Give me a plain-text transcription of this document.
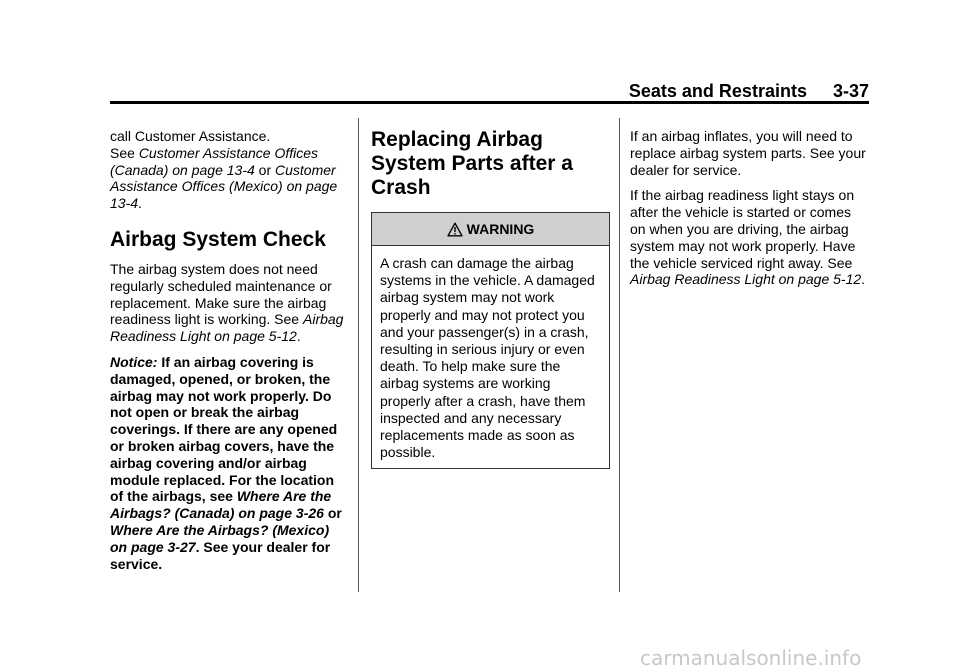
Seats and Restraints 3-37

call Customer Assistance.
See Customer Assistance Offices (Canada) on page 13-4 or Customer Assistance Offices (Mexico) on page 13-4.

Airbag System Check

The airbag system does not need regularly scheduled maintenance or replacement. Make sure the airbag readiness light is working. See Airbag Readiness Light on page 5-12.

Notice: If an airbag covering is damaged, opened, or broken, the airbag may not work properly. Do not open or break the airbag coverings. If there are any opened or broken airbag covers, have the airbag covering and/or airbag module replaced. For the location of the airbags, see Where Are the Airbags? (Canada) on page 3-26 or Where Are the Airbags? (Mexico) on page 3-27. See your dealer for service.

Replacing Airbag System Parts after a Crash
WARNING
A crash can damage the airbag systems in the vehicle. A damaged airbag system may not work properly and may not protect you and your passenger(s) in a crash, resulting in serious injury or even death. To help make sure the airbag systems are working properly after a crash, have them inspected and any necessary replacements made as soon as possible.

If an airbag inflates, you will need to replace airbag system parts. See your dealer for service.

If the airbag readiness light stays on after the vehicle is started or comes on when you are driving, the airbag system may not work properly. Have the vehicle serviced right away. See Airbag Readiness Light on page 5-12.

carmanualsonline.info
